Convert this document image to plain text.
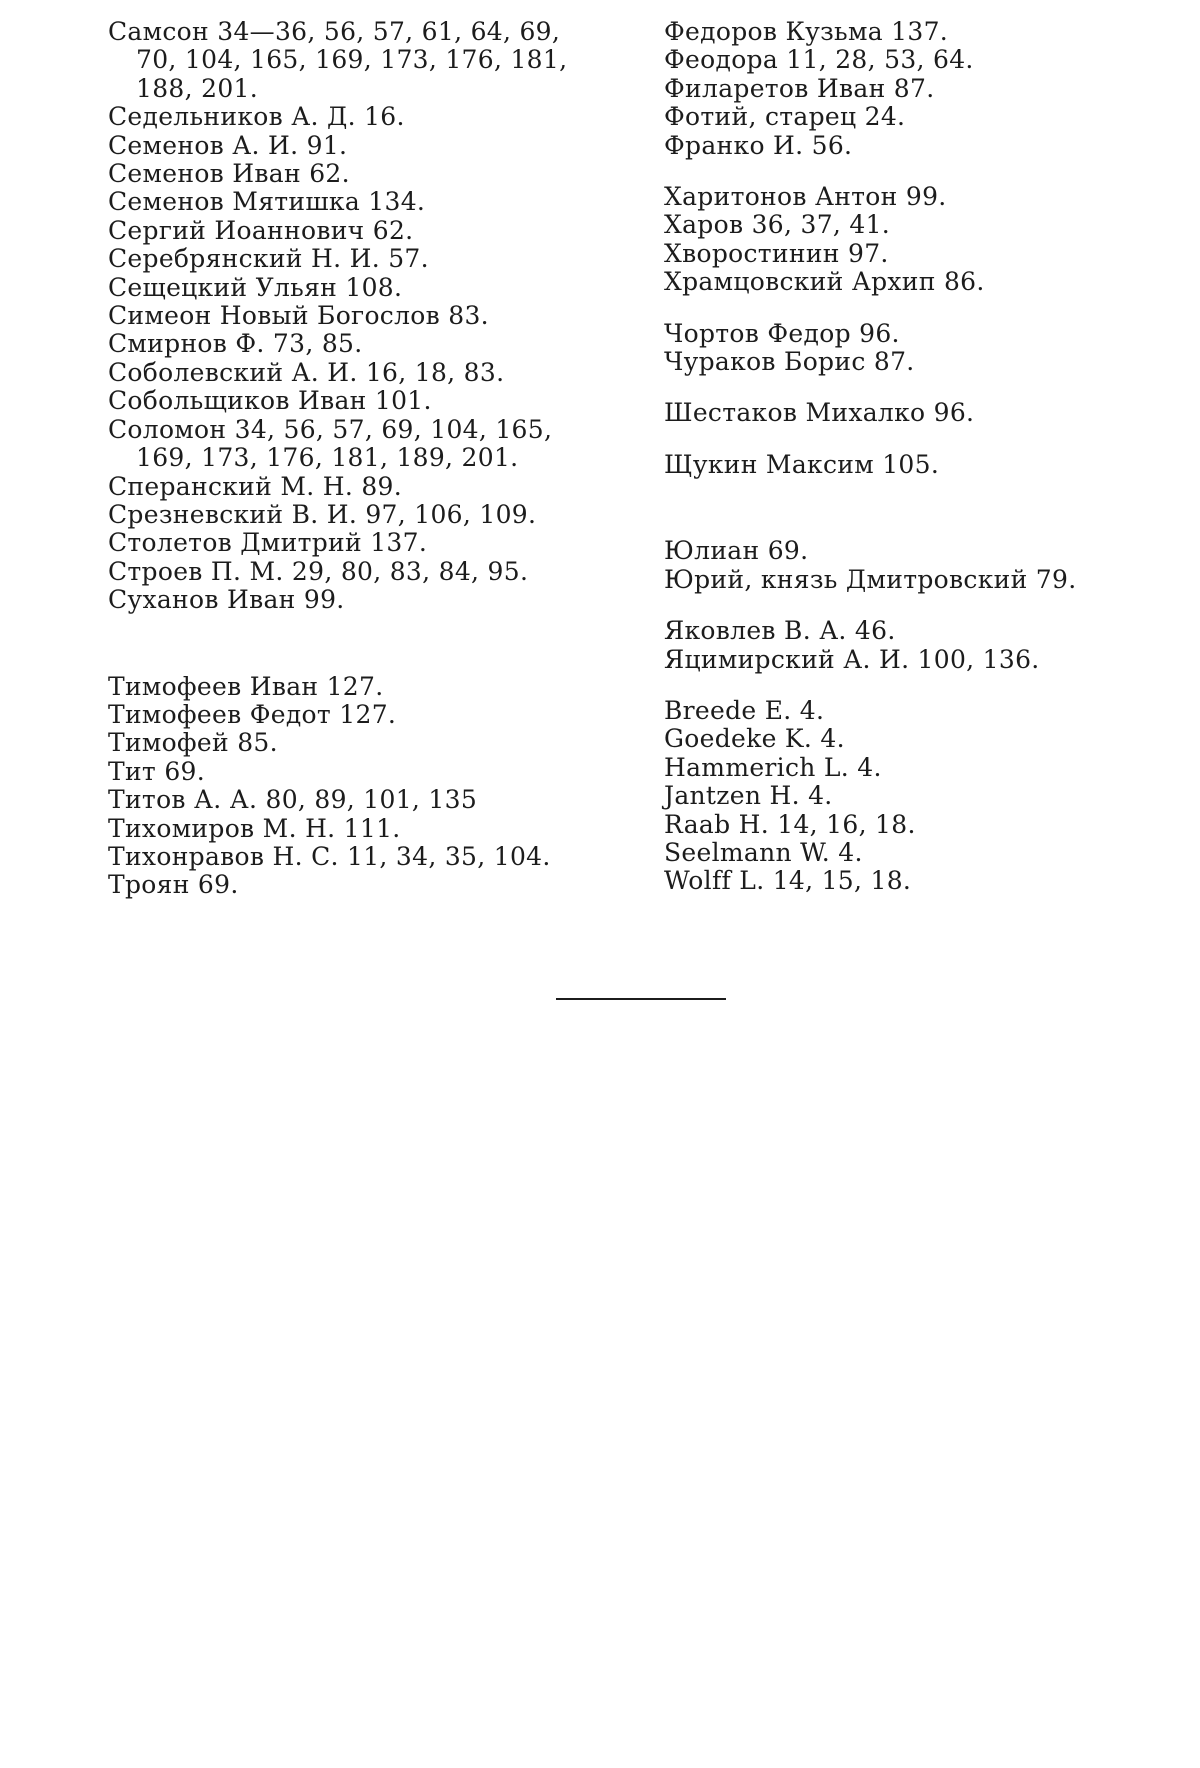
Самсон 34—36, 56, 57, 61, 64, 69,
70, 104, 165, 169, 173, 176, 181,
188, 201.
Седельников А. Д. 16.
Семенов А. И. 91.
Семенов Иван 62.
Семенов Мятишка 134.
Сергий Иоаннович 62.
Серебрянский Н. И. 57.
Сещецкий Ульян 108.
Симеон Новый Богослов 83.
Смирнов Ф. 73, 85.
Соболевский А. И. 16, 18, 83.
Собольщиков Иван 101.
Соломон 34, 56, 57, 69, 104, 165,
169, 173, 176, 181, 189, 201.
Сперанский М. Н. 89.
Срезневский В. И. 97, 106, 109.
Столетов Дмитрий 137.
Строев П. М. 29, 80, 83, 84, 95.
Суханов Иван 99.
Тимофеев Иван 127.
Тимофеев Федот 127.
Тимофей 85.
Тит 69.
Титов А. А. 80, 89, 101, 135
Тихомиров М. Н. 111.
Тихонравов Н. С. 11, 34, 35, 104.
Троян 69.
Федоров Кузьма 137.
Феодора 11, 28, 53, 64.
Филаретов Иван 87.
Фотий, старец 24.
Франко И. 56.
Харитонов Антон 99.
Харов 36, 37, 41.
Хворостинин 97.
Храмцовский Архип 86.
Чортов Федор 96.
Чураков Борис 87.
Шестаков Михалко 96.
Щукин Максим 105.
Юлиан 69.
Юрий, князь Дмитровский 79.
Яковлев В. А. 46.
Яцимирский А. И. 100, 136.
Breede E. 4.
Goedeke K. 4.
Hammerich L. 4.
Jantzen H. 4.
Raab H. 14, 16, 18.
Seelmann W. 4.
Wolff L. 14, 15, 18.
